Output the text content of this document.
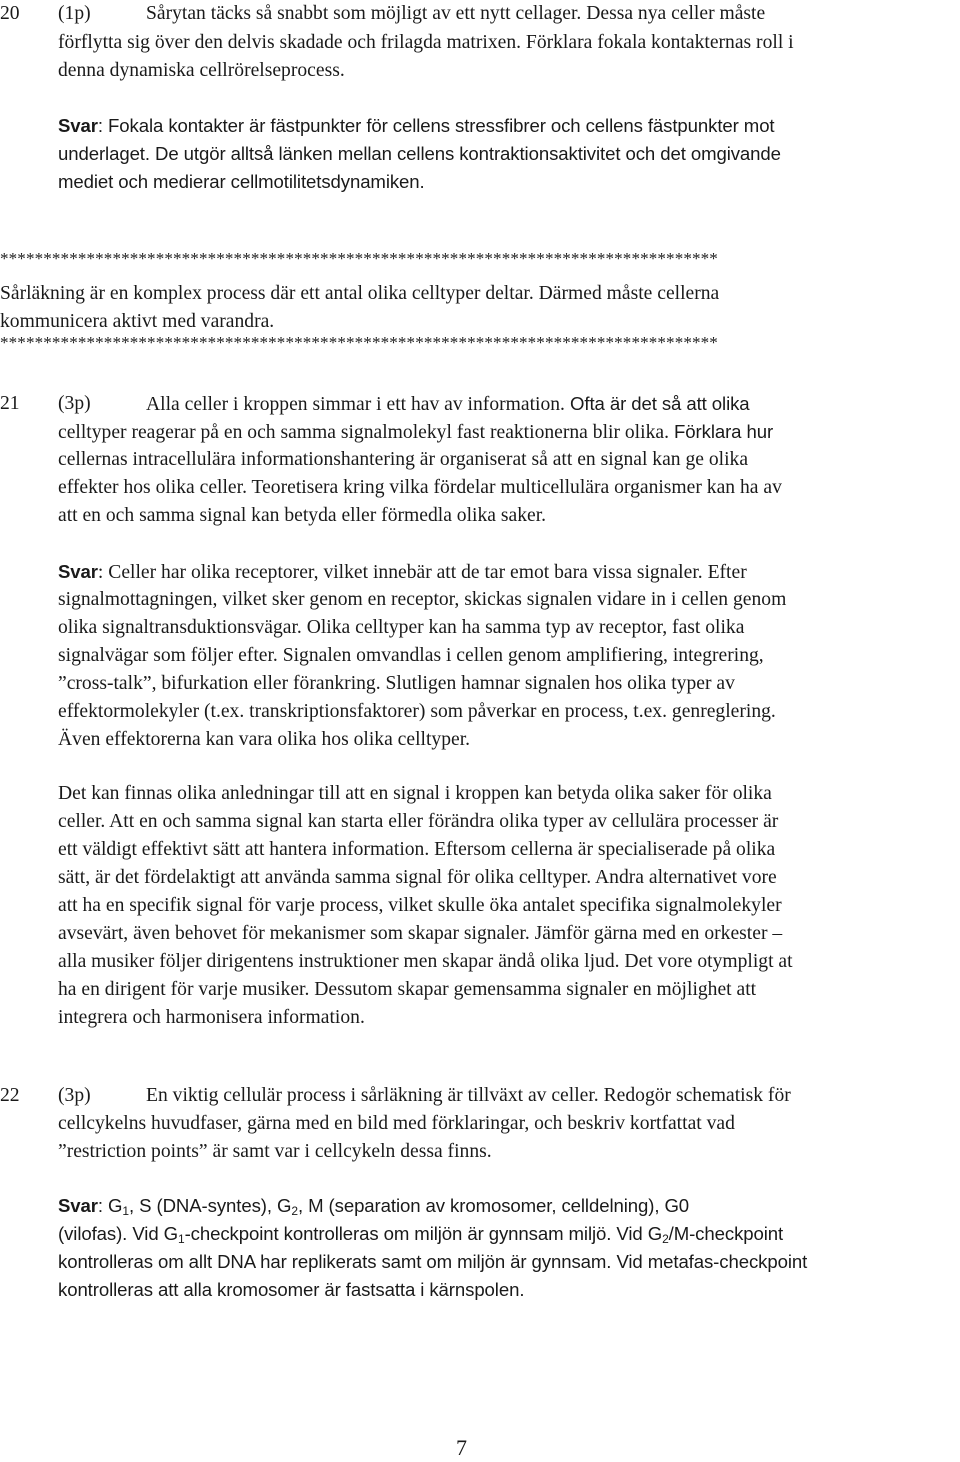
20 (1p)	Sårytan täcks så snabbt som möjligt av ett nytt cellager. Dessa nya celler måste
förflytta sig över den delvis skadade och frilagda matrixen. Förklara fokala kontakternas roll i
denna dynamiska cellrörelseprocess.
Svar: Fokala kontakter är fästpunkter för cellens stressfibrer och cellens fästpunkter mot
underlaget. De utgör alltså länken mellan cellens kontraktionsaktivitet och det omgivande
mediet och medierar cellmotilitetsdynamiken.
***********************************************************************************
Sårläkning är en komplex process där ett antal olika celltyper deltar. Därmed måste cellerna
kommunicera aktivt med varandra.
***********************************************************************************
21 (3p)	Alla celler i kroppen simmar i ett hav av information. Ofta är det så att olika
celltyper reagerar på en och samma signalmolekyl fast reaktionerna blir olika. Förklara hur
cellernas intracellulära informationshantering är organiserat så att en signal kan ge olika
effekter hos olika celler. Teoretisera kring vilka fördelar multicellulära organismer kan ha av
att en och samma signal kan betyda eller förmedla olika saker.
Svar: Celler har olika receptorer, vilket innebär att de tar emot bara vissa signaler. Efter
signalmottagningen, vilket sker genom en receptor, skickas signalen vidare in i cellen genom
olika signaltransduktionsvägar. Olika celltyper kan ha samma typ av receptor, fast olika
signalvägar som följer efter. Signalen omvandlas i cellen genom amplifiering, integrering,
”cross-talk”, bifurkation eller förankring. Slutligen hamnar signalen hos olika typer av
effektormolekyler (t.ex. transkriptionsfaktorer) som påverkar en process, t.ex. genreglering.
Även effektorerna kan vara olika hos olika celltyper.
Det kan finnas olika anledningar till att en signal i kroppen kan betyda olika saker för olika
celler. Att en och samma signal kan starta eller förändra olika typer av cellulära processer är
ett väldigt effektivt sätt att hantera information. Eftersom cellerna är specialiserade på olika
sätt, är det fördelaktigt att använda samma signal för olika celltyper. Andra alternativet vore
att ha en specifik signal för varje process, vilket skulle öka antalet specifika signalmolekyler
avsevärt, även behovet för mekanismer som skapar signaler. Jämför gärna med en orkester –
alla musiker följer dirigentens instruktioner men skapar ändå olika ljud. Det vore otympligt at
ha en dirigent för varje musiker. Dessutom skapar gemensamma signaler en möjlighet att
integrera och harmonisera information.
22 (3p)	En viktig cellulär process i sårläkning är tillväxt av celler. Redogör schematisk för
cellcykelns huvudfaser, gärna med en bild med förklaringar, och beskriv kortfattat vad
”restriction points” är samt var i cellcykeln dessa finns.
Svar: $G_1$, S (DNA-syntes), $G_2$, M (separation av kromosomer, celldelning), G0
(vilofas). Vid $G_1$-checkpoint kontrolleras om miljön är gynnsam miljö. Vid $G_2/M$-checkpoint
kontrolleras om allt DNA har replikerats samt om miljön är gynnsam. Vid metafas-checkpoint
kontrolleras att alla kromosomer är fastsatta i kärnspolen.
7
